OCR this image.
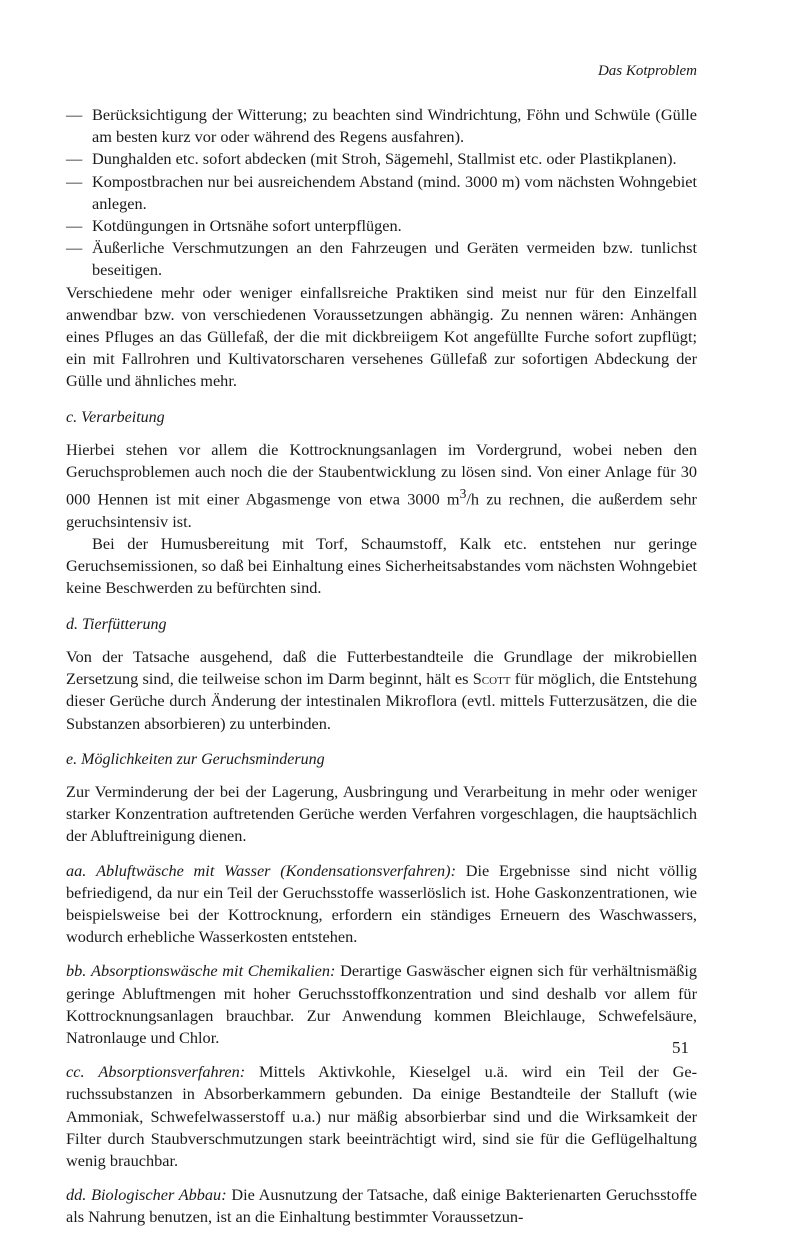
Das Kotproblem

— Berücksichtigung der Witterung; zu beachten sind Windrichtung, Föhn und Schwüle (Gülle am besten kurz vor oder während des Regens ausfahren).

— Dunghalden etc. sofort abdecken (mit Stroh, Sägemehl, Stallmist etc. oder Plastikplanen).

— Kompostbrachen nur bei ausreichendem Abstand (mind. 3000 m) vom nächsten Wohngebiet anlegen.

— Kotdüngungen in Ortsnähe sofort unterpflügen.

— Äußerliche Verschmutzungen an den Fahrzeugen und Geräten vermeiden bzw. tunlichst beseitigen.

Verschiedene mehr oder weniger einfallsreiche Praktiken sind meist nur für den Einzelfall anwendbar bzw. von verschiedenen Voraussetzungen abhängig. Zu nennen wären: Anhängen eines Pfluges an das Güllefaß, der die mit dickbreiigem Kot angefüllte Furche sofort zupflügt; ein mit Fallrohren und Kultivatorscharen versehenes Güllefaß zur sofortigen Abdeckung der Gülle und ähnliches mehr.

c. Verarbeitung

Hierbei stehen vor allem die Kottrocknungsanlagen im Vordergrund, wobei neben den Geruchsproblemen auch noch die der Staubentwicklung zu lösen sind. Von einer Anlage für 30 000 Hennen ist mit einer Abgasmenge von etwa 3000 $m^3/h$ zu rechnen, die außerdem sehr geruchsintensiv ist.

Bei der Humusbereitung mit Torf, Schaumstoff, Kalk etc. entstehen nur geringe Geruchsemissionen, so daß bei Einhaltung eines Sicherheitsabstandes vom nächsten Wohngebiet keine Beschwerden zu befürchten sind.

d. Tierfütterung

Von der Tatsache ausgehend, daß die Futterbestandteile die Grundlage der mikrobiellen Zersetzung sind, die teilweise schon im Darm beginnt, hält es Scott für möglich, die Entstehung dieser Gerüche durch Änderung der intestinalen Mikroflora (evtl. mittels Futterzusätzen, die die Substanzen absorbieren) zu unterbinden.

e. Möglichkeiten zur Geruchsminderung

Zur Verminderung der bei der Lagerung, Ausbringung und Verarbeitung in mehr oder weniger starker Konzentration auftretenden Gerüche werden Verfahren vorgeschlagen, die hauptsächlich der Abluftreinigung dienen.

aa. Abluftwäsche mit Wasser (Kondensationsverfahren): Die Ergebnisse sind nicht völlig befriedigend, da nur ein Teil der Geruchsstoffe wasserlöslich ist. Hohe Gaskonzentrationen, wie beispielsweise bei der Kottrocknung, erfordern ein ständiges Erneuern des Waschwassers, wodurch erhebliche Wasserkosten entstehen.

bb. Absorptionswäsche mit Chemikalien: Derartige Gaswäscher eignen sich für verhältnismäßig geringe Abluftmengen mit hoher Geruchsstoffkonzentration und sind deshalb vor allem für Kottrocknungsanlagen brauchbar. Zur Anwendung kommen Bleichlauge, Schwefelsäure, Natronlauge und Chlor.

cc. Absorptionsverfahren: Mittels Aktivkohle, Kieselgel u.ä. wird ein Teil der Geruchssubstanzen in Absorberkammern gebunden. Da einige Bestandteile der Stalluft (wie Ammoniak, Schwefelwasserstoff u.a.) nur mäßig absorbierbar sind und die Wirksamkeit der Filter durch Staubverschmutzungen stark beeinträchtigt wird, sind sie für die Geflügelhaltung wenig brauchbar.

dd. Biologischer Abbau: Die Ausnutzung der Tatsache, daß einige Bakterienarten Geruchsstoffe als Nahrung benutzen, ist an die Einhaltung bestimmter Voraussetzun-

51
